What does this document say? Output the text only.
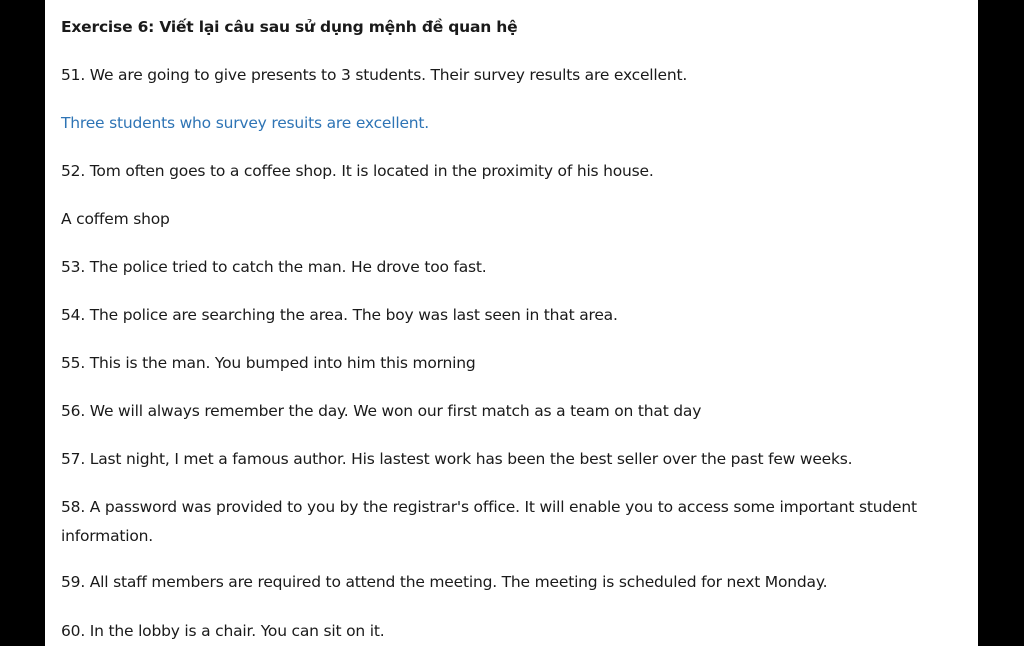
Exercise 6: Viết lại câu sau sử dụng mệnh đề quan hệ
51. We are going to give presents to 3 students. Their survey results are excellent.
Three students who survey resuits are excellent.
52. Tom often goes to a coffee shop. It is located in the proximity of his house.
A coffem shop
53. The police tried to catch the man. He drove too fast.
54. The police are searching the area. The boy was last seen in that area.
55. This is the man. You bumped into him this morning
56. We will always remember the day. We won our first match as a team on that day
57. Last night, I met a famous author. His lastest work has been the best seller over the past few weeks.
58. A password was provided to you by the registrar's office. It will enable you to access some important student information.
59. All staff members are required to attend the meeting. The meeting is scheduled for next Monday.
60. In the lobby is a chair. You can sit on it.
